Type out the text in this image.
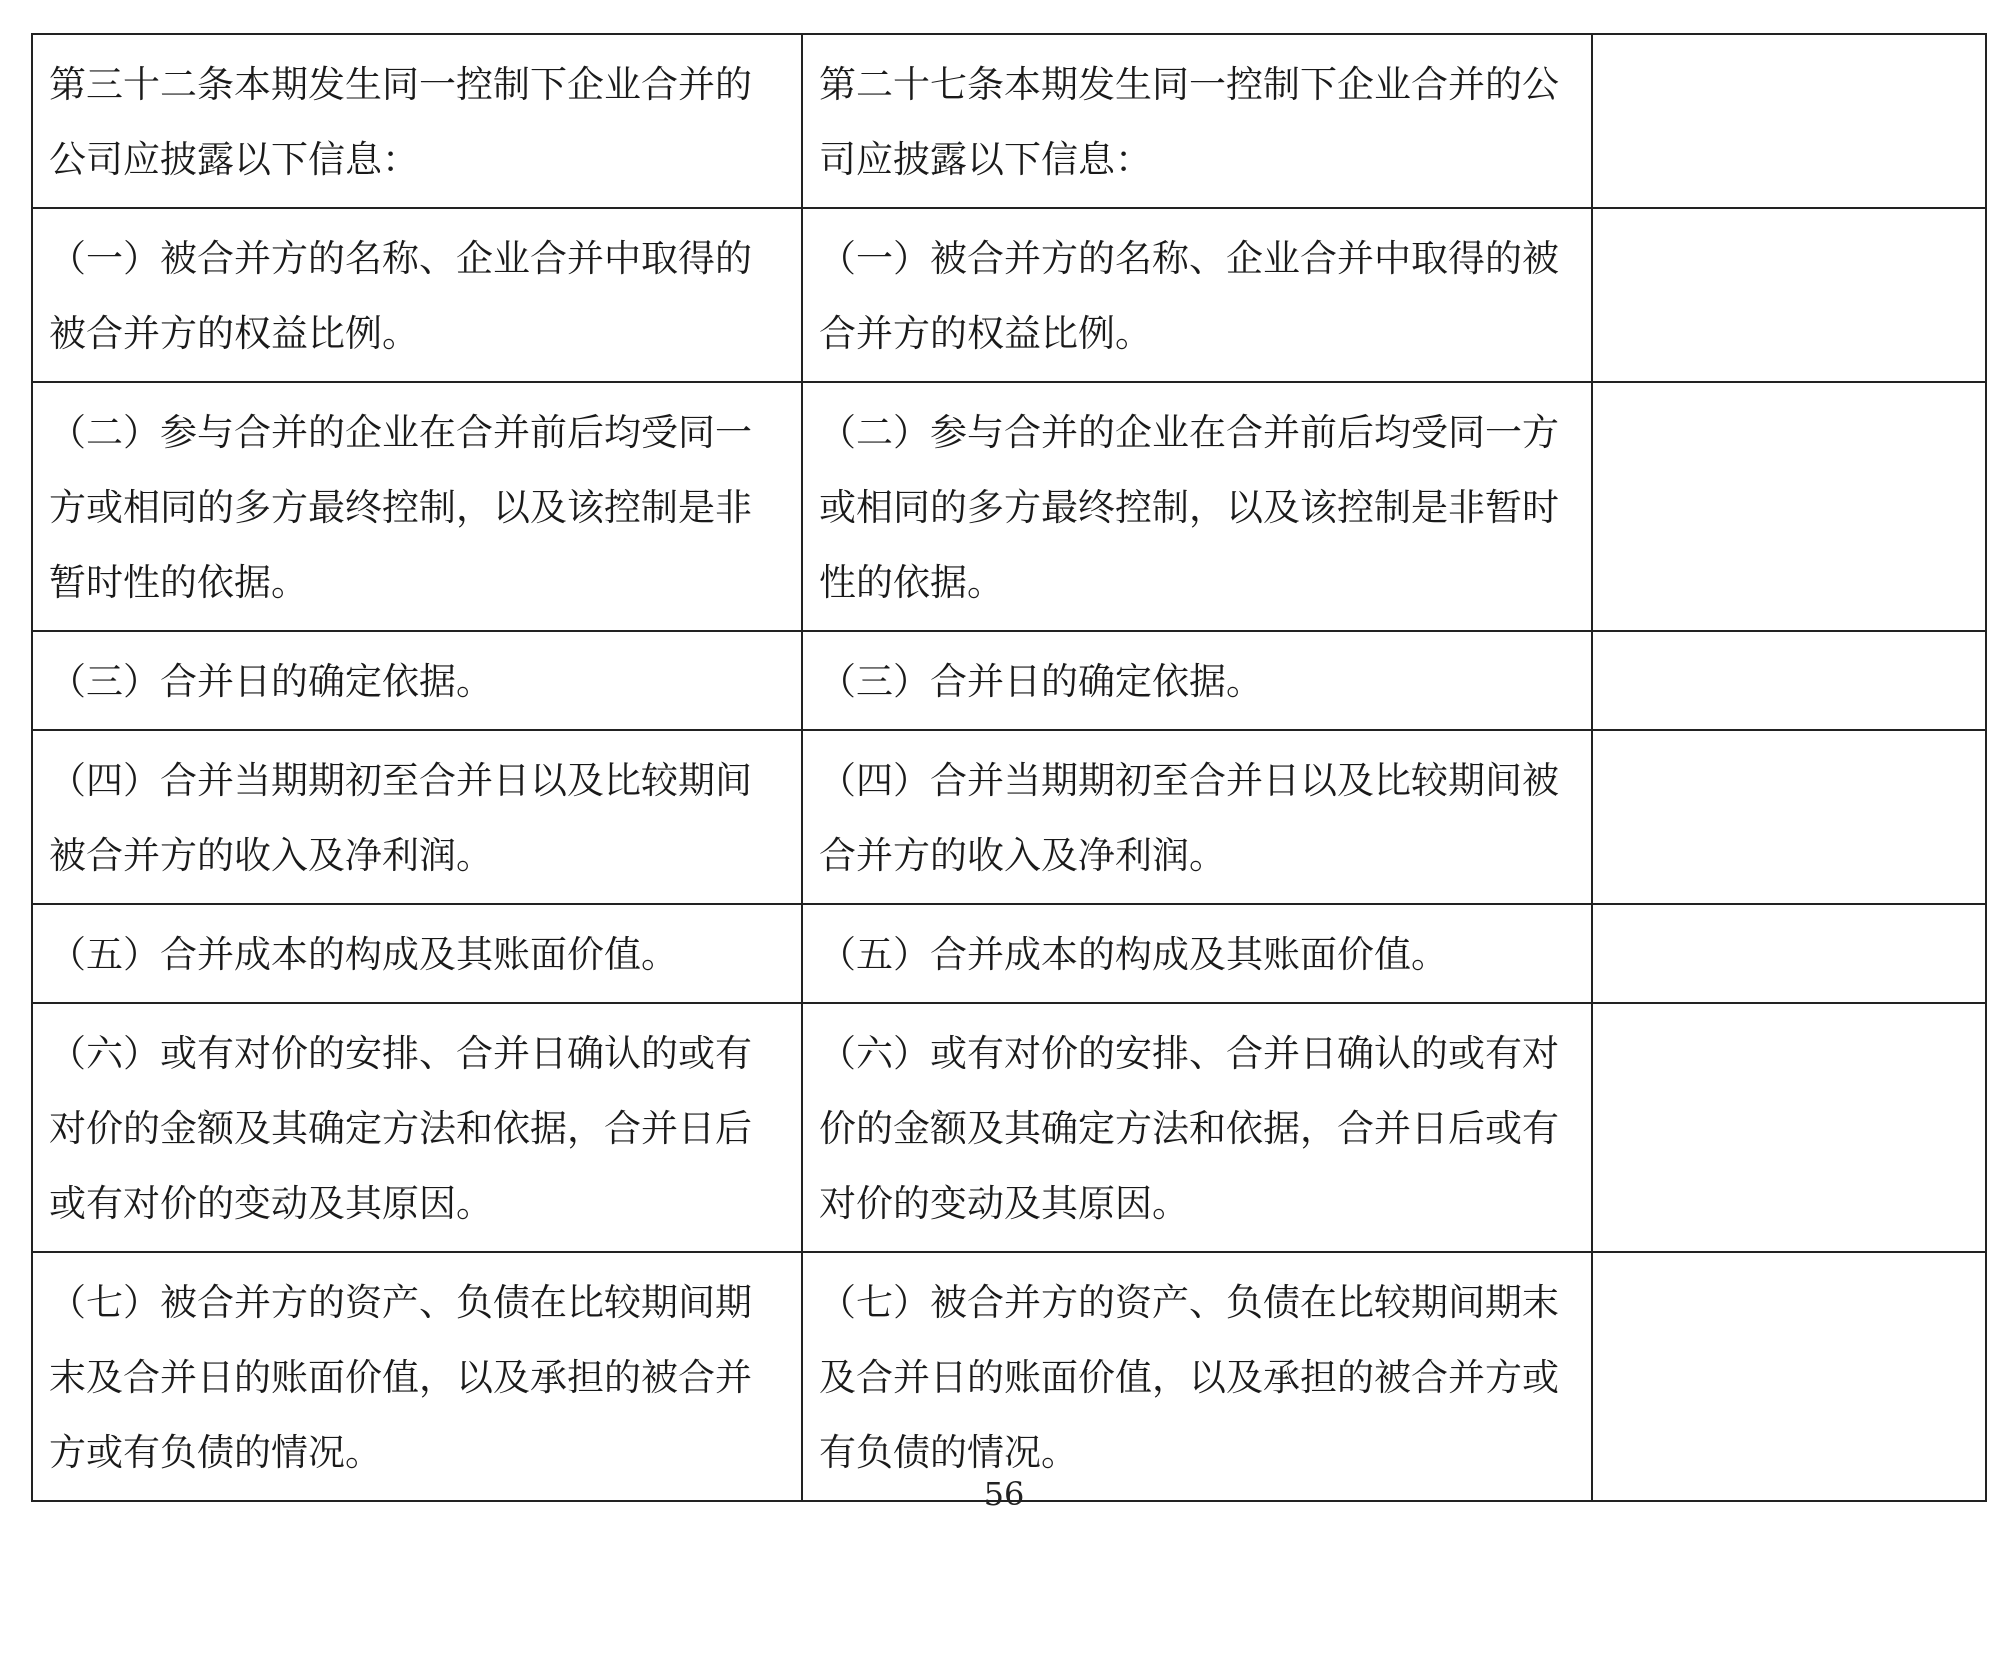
第三十二条本期发生同一控制下企业合并的公司应披露以下信息：	第二十七条本期发生同一控制下企业合并的公司应披露以下信息：	
（一）被合并方的名称、企业合并中取得的被合并方的权益比例。	（一）被合并方的名称、企业合并中取得的被合并方的权益比例。	
（二）参与合并的企业在合并前后均受同一方或相同的多方最终控制，以及该控制是非暂时性的依据。	（二）参与合并的企业在合并前后均受同一方或相同的多方最终控制，以及该控制是非暂时性的依据。	
（三）合并日的确定依据。	（三）合并日的确定依据。	
（四）合并当期期初至合并日以及比较期间被合并方的收入及净利润。	（四）合并当期期初至合并日以及比较期间被合并方的收入及净利润。	
（五）合并成本的构成及其账面价值。	（五）合并成本的构成及其账面价值。	
（六）或有对价的安排、合并日确认的或有对价的金额及其确定方法和依据，合并日后或有对价的变动及其原因。	（六）或有对价的安排、合并日确认的或有对价的金额及其确定方法和依据，合并日后或有对价的变动及其原因。	
（七）被合并方的资产、负债在比较期间期末及合并日的账面价值，以及承担的被合并方或有负债的情况。	（七）被合并方的资产、负债在比较期间期末及合并日的账面价值，以及承担的被合并方或有负债的情况。	
56
